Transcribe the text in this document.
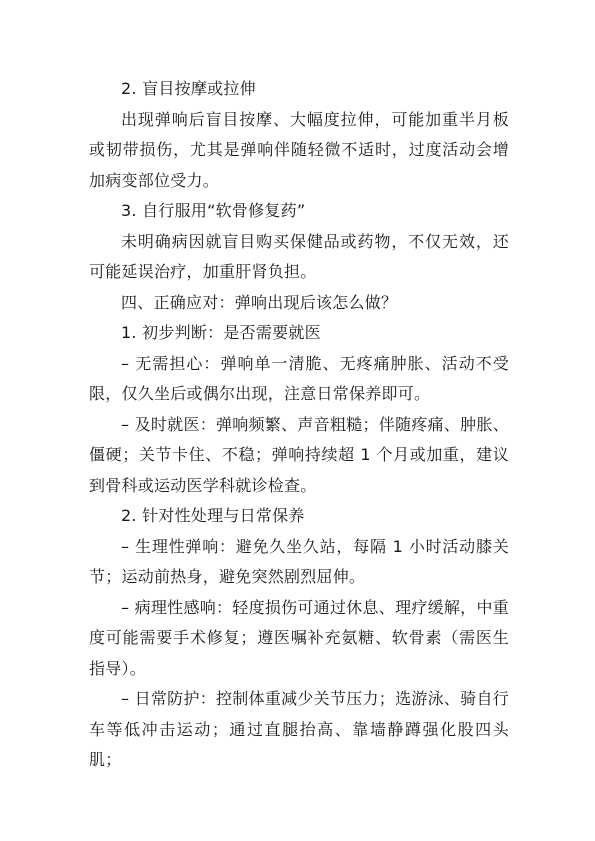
2. 盲目按摩或拉伸

出现弹响后盲目按摩、大幅度拉伸，可能加重半月板或韧带损伤，尤其是弹响伴随轻微不适时，过度活动会增加病变部位受力。

3. 自行服用“软骨修复药”

未明确病因就盲目购买保健品或药物，不仅无效，还可能延误治疗，加重肝肾负担。

四、正确应对：弹响出现后该怎么做？

1. 初步判断：是否需要就医

– 无需担心：弹响单一清脆、无疼痛肿胀、活动不受限，仅久坐后或偶尔出现，注意日常保养即可。

– 及时就医：弹响频繁、声音粗糙；伴随疼痛、肿胀、僵硬；关节卡住、不稳；弹响持续超 1 个月或加重，建议到骨科或运动医学科就诊检查。

2. 针对性处理与日常保养

– 生理性弹响：避免久坐久站，每隔 1 小时活动膝关节；运动前热身，避免突然剧烈屈伸。

– 病理性感响：轻度损伤可通过休息、理疗缓解，中重度可能需要手术修复；遵医嘱补充氨糖、软骨素（需医生指导）。

– 日常防护：控制体重减少关节压力；选游泳、骑自行车等低冲击运动；通过直腿抬高、靠墙静蹲强化股四头肌；
